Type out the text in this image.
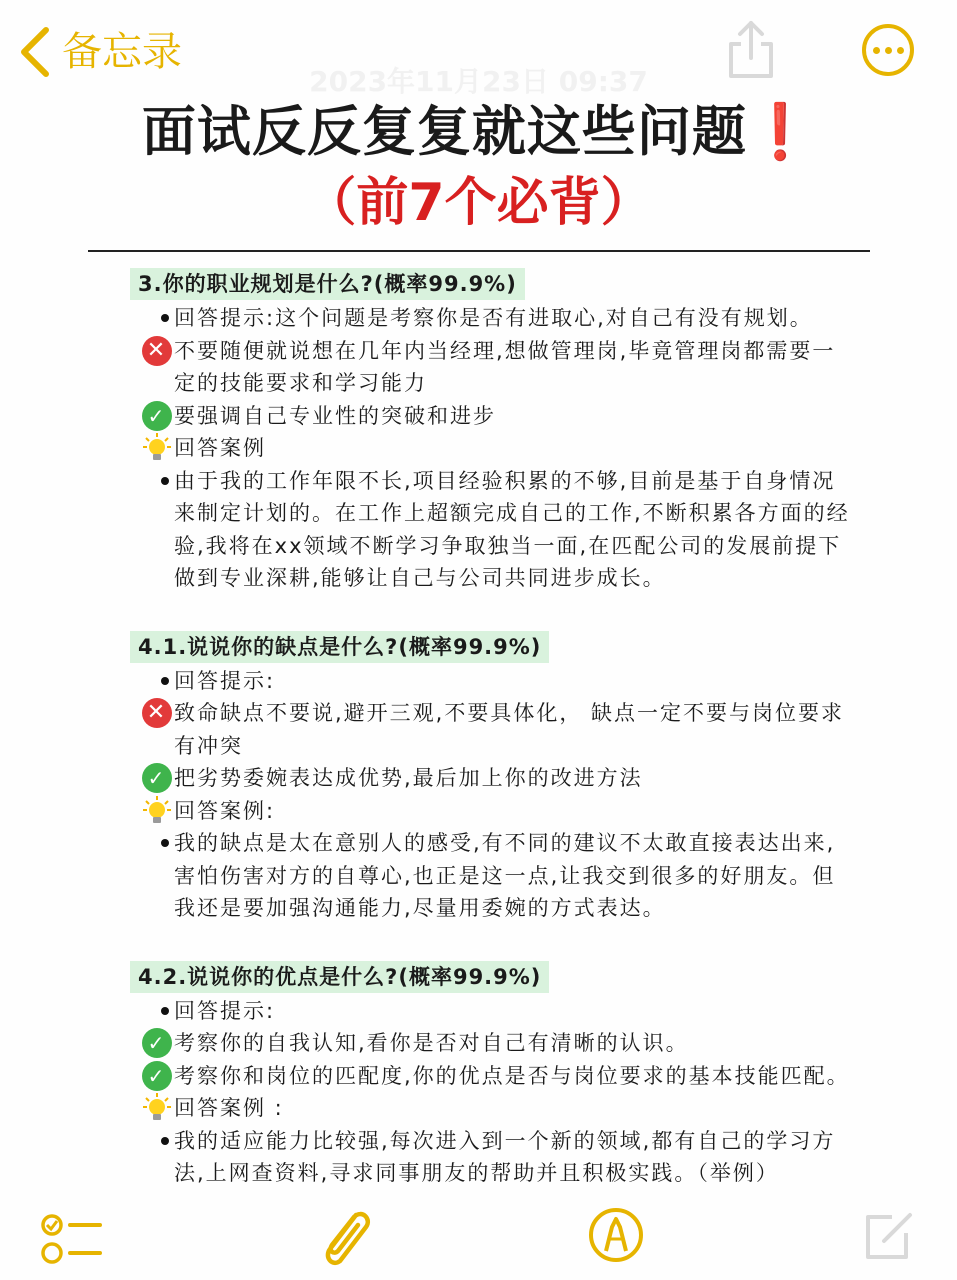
备忘录
2023年11月23日 09:37
面试反反复复就这些问题❗
（前7个必背）
3.你的职业规划是什么?(概率99.9%)
回答提示:这个问题是考察你是否有进取心,对自己有没有规划。
✕ 不要随便就说想在几年内当经理,想做管理岗,毕竟管理岗都需要一定的技能要求和学习能力
✓ 要强调自己专业性的突破和进步
回答案例
由于我的工作年限不长,项目经验积累的不够,目前是基于自身情况来制定计划的。在工作上超额完成自己的工作,不断积累各方面的经验,我将在xx领域不断学习争取独当一面,在匹配公司的发展前提下做到专业深耕,能够让自己与公司共同进步成长。
4.1.说说你的缺点是什么?(概率99.9%)
回答提示:
✕ 致命缺点不要说,避开三观,不要具体化， 缺点一定不要与岗位要求有冲突
✓ 把劣势委婉表达成优势,最后加上你的改进方法
回答案例:
我的缺点是太在意别人的感受,有不同的建议不太敢直接表达出来,害怕伤害对方的自尊心,也正是这一点,让我交到很多的好朋友。但我还是要加强沟通能力,尽量用委婉的方式表达。
4.2.说说你的优点是什么?(概率99.9%)
回答提示:
✓ 考察你的自我认知,看你是否对自己有清晰的认识。
✓ 考察你和岗位的匹配度,你的优点是否与岗位要求的基本技能匹配。
回答案例 :
我的适应能力比较强,每次进入到一个新的领域,都有自己的学习方法,上网查资料,寻求同事朋友的帮助并且积极实践。（举例）
